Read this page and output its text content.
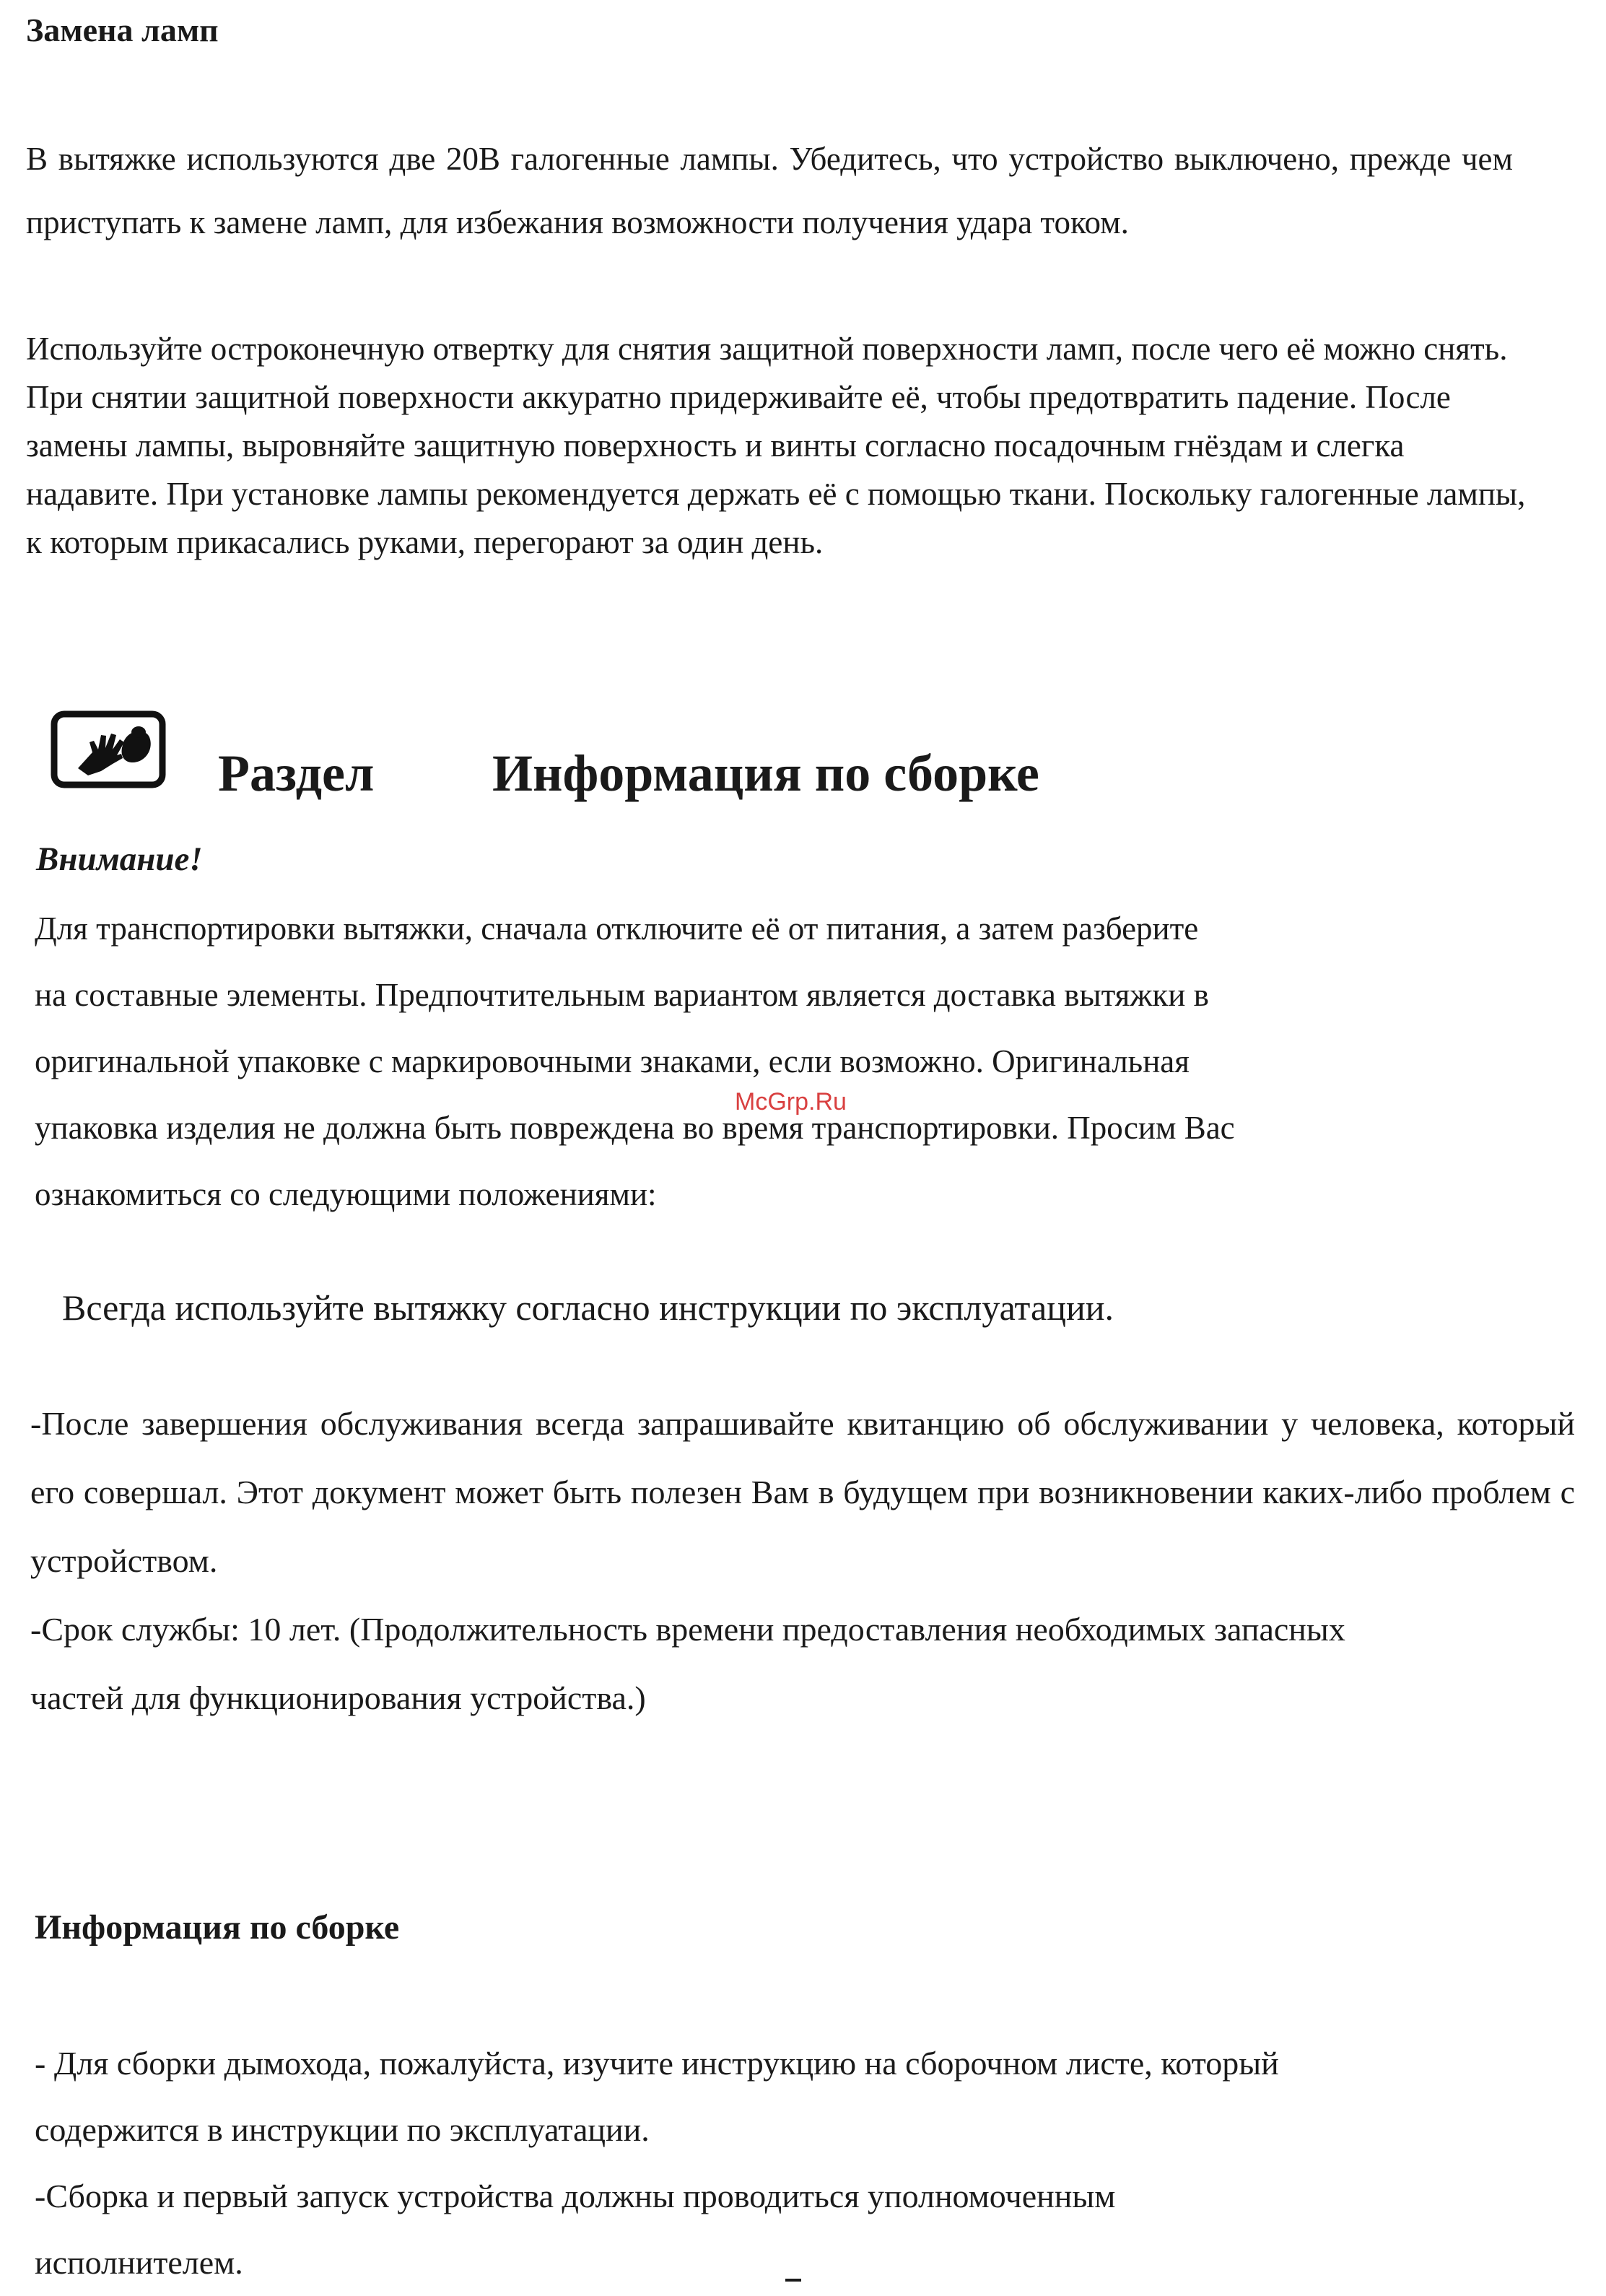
Замена ламп
В вытяжке используются две 20В галогенные лампы. Убедитесь, что устройство выключено, прежде чем приступать к замене ламп, для избежания возможности получения удара током.
Используйте остроконечную отвертку для снятия защитной поверхности ламп, после чего её можно снять. При снятии защитной поверхности аккуратно придерживайте её, чтобы предотвратить падение. После замены лампы, выровняйте защитную поверхность и винты согласно посадочным гнёздам и слегка надавите. При установке лампы рекомендуется держать её с помощью ткани. Поскольку галогенные лампы, к которым прикасались руками, перегорают за один день.
Раздел Информация по сборке
Внимание!
Для транспортировки вытяжки, сначала отключите её от питания, а затем разберите
на составные элементы. Предпочтительным вариантом является доставка вытяжки в
оригинальной упаковке с маркировочными знаками, если возможно. Оригинальная
упаковка изделия не должна быть повреждена во время транспортировки. Просим Вас
ознакомиться со следующими положениями:
McGrp.Ru
Всегда используйте вытяжку согласно инструкции по эксплуатации.
-После завершения обслуживания всегда запрашивайте квитанцию об обслуживании у человека, который его совершал. Этот документ может быть полезен Вам в будущем при возникновении каких-либо проблем с устройством.
-Срок службы: 10 лет. (Продолжительность времени предоставления необходимых запасных частей для функционирования устройства.)
Информация по сборке
- Для сборки дымохода, пожалуйста, изучите инструкцию на сборочном листе, который
содержится в инструкции по эксплуатации.
-Сборка и первый запуск устройства должны проводиться уполномоченным
исполнителем.
